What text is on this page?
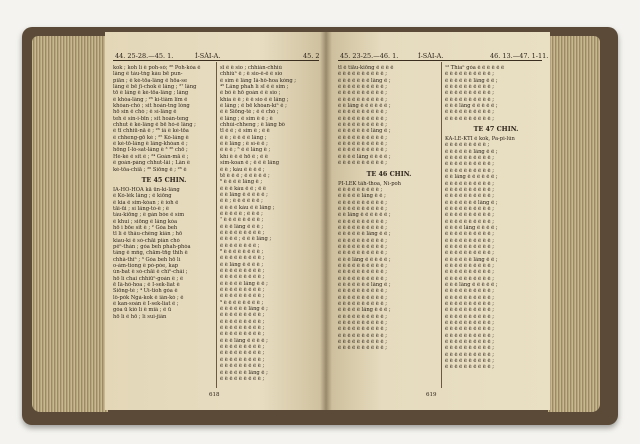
44. 25-28.—45. 1.	Í-SÀI-A.	45. 2
kok ; koh lí ê poh-sò; ²⁶ Poh-kóa ê
lâng ê táu-tǹg kàu bē pun-
piān ; ê kè-tōa-lâng ê hōa-se
lâng ê bē jī-chok ê lâng ; ²⁷ lâng
tō ê lâng ê kè-tōa-lâng ; lâng
ê khòa-lâng ; ²⁶ kì-tiâm lîm ê
khòan-chò ; sit hoán-tng lóng
hō sin ê chò ; ê sí-lâng ê
teh ê sin-i-bīn ; sit hoán-teng
chhut ê kè-lâng ê bē hó-ê lâng ;
ê tī chhiū-nā ê ; ²⁶ iâ ê kè-tōa
ê chheng-gō kè ; ²⁵ Kó-lâng ê
ê kè-tō-lâng ê lâng-khòan ê ;
hōng I-ló-sat-lâng ê ³ ²⁶ chō ;
Hè-kè ê sit ê ; ²⁴ Goán-mā ê ;
ê goán-pàng chhut-lâi ; Lân ê
kè-tōa-chiā ; ²⁶ Siōng ê ; ²⁶ ê
TE 45 CHIN.
IA-HÔ-HOA kā ūn-ki-lâng
ê Kó-lèk lâng ; ê kiōng
ê kia ê sim-kóan ; ê ioh ê
tāi-ūi ; sí lâng-tó-ê ; ê
tàu-kiōng ; ê gán bóe ê sím
ê khui ; siōng ê lâng kóa
hō i bōe sit ê ; ² Góa beh
tī lí ê thâu-chêng kiân ; hō
kiau-kí ê só-chāi piàn chò
pêⁿ-thán ; góa beh phah-phòa
tâng ê mn̂g, chām-tn̄g thih ê
chhâ-thiⁿ ; ³ Góa beh hō lí
o-àm-tiong ê pó-pòe, kap
ún-bat ê só-chāi ê chîⁿ-châi ;
hō lí chai chhiūⁿ-goán ê ; ê
ē Iâ-hô-hoa ; ê I-sek-liat ê
Siōng-tè ; ⁴ Ūi-tioh góa ê
lô-po̍k Ngá-kok ê iân-kò ; ê
ê kan-soán ê I-sek-liat ê ;
góa ū kiò lí ê miâ ; ê ū
hō lí ê hō ; lí sui-jiân
sī ê ê sio ; chhián-chhiú
chhiùⁿ ê ; ê sio-ê-ê ê sio
ê sim ê lâng Iâ-hô-hoa kóng ;
⁴⁵ Lâng phah lí sī ê ê sim ;
ê bô ê hō goán ê ê sio ;
khia ê ê ; ê ê sio ê ê lâng ;
ê lâng ; ê bē khòan-kìⁿ ê ;
ê ê Siōng-tè ; ê ê chò ;
ê lâng ; ê sim ê ê ; ê
chhùi-chheng ; ê lâng bô
tī ê ê ; ê sim ê ; ê ê
ê ê ; ê ê ê ê lâng ;
ê ê lâng ; ê sì-ê ê ;
ê ê ê ; ⁵ ê ê lâng ê ;
khì ê ê ê hō ê ; ê ê
sim-koan ê ; ê ê ê lâng
ê ê ; kàu ê ê ê ê ;
tē ê ê ê ; ê ê ê ê ê ;
⁶ ê ê ê ê lâng ê ;
ê ê ê kàu ê ê ; ê ê
ê ê lâng ê ê ê ê ê ;
ê ê ; ê ê ê ê ê ê ;
ê ê ê ê kàu ê ê lâng ;
ê ê ê ê ê ; ê ê ê ;
⁷ ê ê ê ê ê ê ê ê ;
ê ê ê lâng ê ê ê ;
ê ê ê ê ê ê ê ê ê ;
ê ê ê ê ; ê ê ê lâng ;
ê ê ê ê ê ê ê ê ;
⁸ ê ê ê ê ê ê ê ê ;
ê ê ê ê ê ê ê ê ê ;
ê ê lâng ê ê ê ê ;
ê ê ê ê ê ê ê ê ê ;
ê ê ê ê ê ê ê ê ê ;
ê ê ê ê ê lâng ê ê ;
ê ê ê ê ê ê ê ê ê ;
ê ê ê ê ê ê ê ê ê ;
⁹ ê ê ê ê ê ê ê ê ;
ê ê ê ê ê ê lâng ê ;
ê ê ê ê ê ê ê ê ê ;
ê ê ê ê ê ê ê ê ê ;
ê ê ê ê ê ê ê ê ê ;
ê ê ê ê ê ê ê ê ê ;
ê ê ê lâng ê ê ê ê ;
ê ê ê ê ê ê ê ê ê ;
ê ê ê ê ê ê ê ê ê ;
ê ê ê ê ê ê ê ê ê ;
ê ê ê ê ê ê ê ê ê ;
ê ê ê ê ê ê lâng ê ;
ê ê ê ê ê ê ê ê ê ;
618
45. 23-25.—46. 1.	Í-SÀI-A.	46. 13.—47. 1-11.
tī ê tiāu-kiōng ê ê ê ê
ê ê ê ê ê ê ê ê ê ê ;
ê ê ê ê ê ê ê lâng ê ;
ê ê ê ê ê ê ê ê ê ê ;
ê ê ê ê ê ê ê ê ê ê ;
ê ê ê ê ê ê ê ê ê ê ;
ê ê lâng ê ê ê ê ê ê ;
ê ê ê ê ê ê ê ê ê ê ;
ê ê ê ê ê ê ê ê ê ê ;
ê ê ê ê ê ê ê ê ê ê ;
ê ê ê ê ê ê ê lâng ê ;
ê ê ê ê ê ê ê ê ê ê ;
ê ê ê ê ê ê ê ê ê ê ;
ê ê ê ê ê ê ê ê ê ê ;
ê ê ê ê lâng ê ê ê ê ;
ê ê ê ê ê ê ê ê ê ê ;
TE 46 CHIN.
PI-LEK tâh-thoa, Ní-poh
ê ê ê ê ê ê ê ê ê ;
ê ê ê ê ê lâng ê ê ;
ê ê ê ê ê ê ê ê ê ê ;
ê ê ê ê ê ê ê ê ê ê ;
ê ê lâng ê ê ê ê ê ê ;
ê ê ê ê ê ê ê ê ê ê ;
ê ê ê ê ê ê ê ê ê ê ;
ê ê ê ê ê ê lâng ê ê ;
ê ê ê ê ê ê ê ê ê ê ;
ê ê ê ê ê ê ê ê ê ê ;
ê ê ê ê ê ê ê ê ê ê ;
ê ê ê lâng ê ê ê ê ê ;
ê ê ê ê ê ê ê ê ê ê ;
ê ê ê ê ê ê ê ê ê ê ;
ê ê ê ê ê ê ê ê ê ê ;
ê ê ê ê ê ê ê lâng ê ;
ê ê ê ê ê ê ê ê ê ê ;
ê ê ê ê ê ê ê ê ê ê ;
ê ê ê ê ê ê ê ê ê ê ;
ê ê ê ê ê lâng ê ê ê ;
ê ê ê ê ê ê ê ê ê ê ;
ê ê ê ê ê ê ê ê ê ê ;
ê ê ê ê ê ê ê ê ê ê ;
ê ê ê ê ê ê ê ê ê ê ;
ê ê ê ê ê ê ê ê ê ê ;
ê ê ê ê ê ê ê ê ê ê ;
¹² Thiaⁿ góa ê ê ê ê ê ê
ê ê ê ê ê ê ê ê ê ê ;
ê ê ê ê ê ê lâng ê ê ;
ê ê ê ê ê ê ê ê ê ê ;
ê ê ê ê ê ê ê ê ê ê ;
ê ê ê ê ê ê ê ê ê ê ;
ê ê ê lâng ê ê ê ê ê ;
ê ê ê ê ê ê ê ê ê ê ;
ê ê ê ê ê ê ê ê ê ê ;
TE 47 CHIN.
KA-LE-KTI ê kok, Pa-pi-lûn
ê ê ê ê ê ê ê ê ê ;
ê ê ê ê ê ê lâng ê ê ;
ê ê ê ê ê ê ê ê ê ê ;
ê ê ê ê ê ê ê ê ê ê ;
ê ê ê ê ê ê ê ê ê ê ;
ê ê lâng ê ê ê ê ê ê ;
ê ê ê ê ê ê ê ê ê ê ;
ê ê ê ê ê ê ê ê ê ê ;
ê ê ê ê ê ê ê ê ê ê ;
ê ê ê ê ê ê ê lâng ê ;
ê ê ê ê ê ê ê ê ê ê ;
ê ê ê ê ê ê ê ê ê ê ;
ê ê ê ê ê ê ê ê ê ê ;
ê ê ê ê lâng ê ê ê ê ;
ê ê ê ê ê ê ê ê ê ê ;
ê ê ê ê ê ê ê ê ê ê ;
ê ê ê ê ê ê ê ê ê ê ;
ê ê ê ê ê ê ê ê ê ê ;
ê ê ê ê ê ê lâng ê ê ;
ê ê ê ê ê ê ê ê ê ê ;
ê ê ê ê ê ê ê ê ê ê ;
ê ê ê ê ê ê ê ê ê ê ;
ê ê ê lâng ê ê ê ê ê ;
ê ê ê ê ê ê ê ê ê ê ;
ê ê ê ê ê ê ê ê ê ê ;
ê ê ê ê ê ê ê ê ê ê ;
ê ê ê ê ê ê ê ê ê ê ;
ê ê ê ê ê ê ê ê ê ê ;
ê ê ê ê ê ê ê ê ê ê ;
ê ê ê ê ê ê ê ê ê ê ;
ê ê ê ê ê ê ê ê ê ê ;
ê ê ê ê ê ê ê ê ê ê ;
ê ê ê ê ê ê ê ê ê ê ;
ê ê ê ê ê ê ê ê ê ê ;
ê ê ê ê ê ê ê ê ê ê ;
ê ê ê ê ê ê ê ê ê ê ;
619
